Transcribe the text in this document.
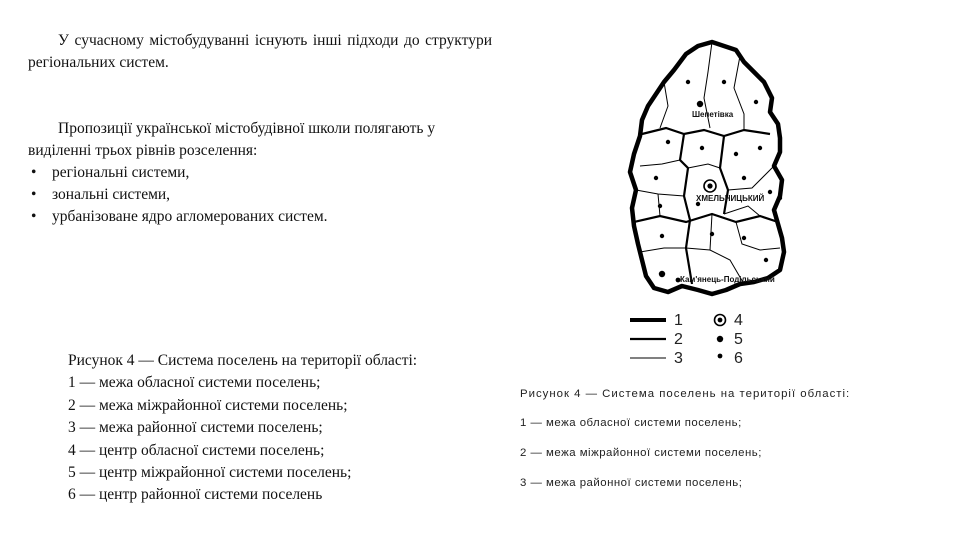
У сучасному містобудуванні існують інші підходи до структури регіональних систем.
Пропозиції української містобудівної школи полягають у виділенні трьох рівнів розселення:
• регіональні системи,
• зональні системи,
• урбанізоване ядро агломерованих систем.
Рисунок 4 — Система поселень на території області:
1 — межа обласної системи поселень;
2 — межа міжрайонної системи поселень;
3 — межа районної системи поселень;
4 — центр обласної системи поселень;
5 — центр міжрайонної системи поселень;
6 — центр районної системи поселень
Шепетівка
ХМЕЛЬНИЦЬКИЙ
Кам'янець-Подільський
1
2
3
4
5
6
Рисунок 4 — Система поселень на території області:
1 — межа обласної системи поселень;
2 — межа міжрайонної системи поселень;
3 — межа районної системи поселень;
